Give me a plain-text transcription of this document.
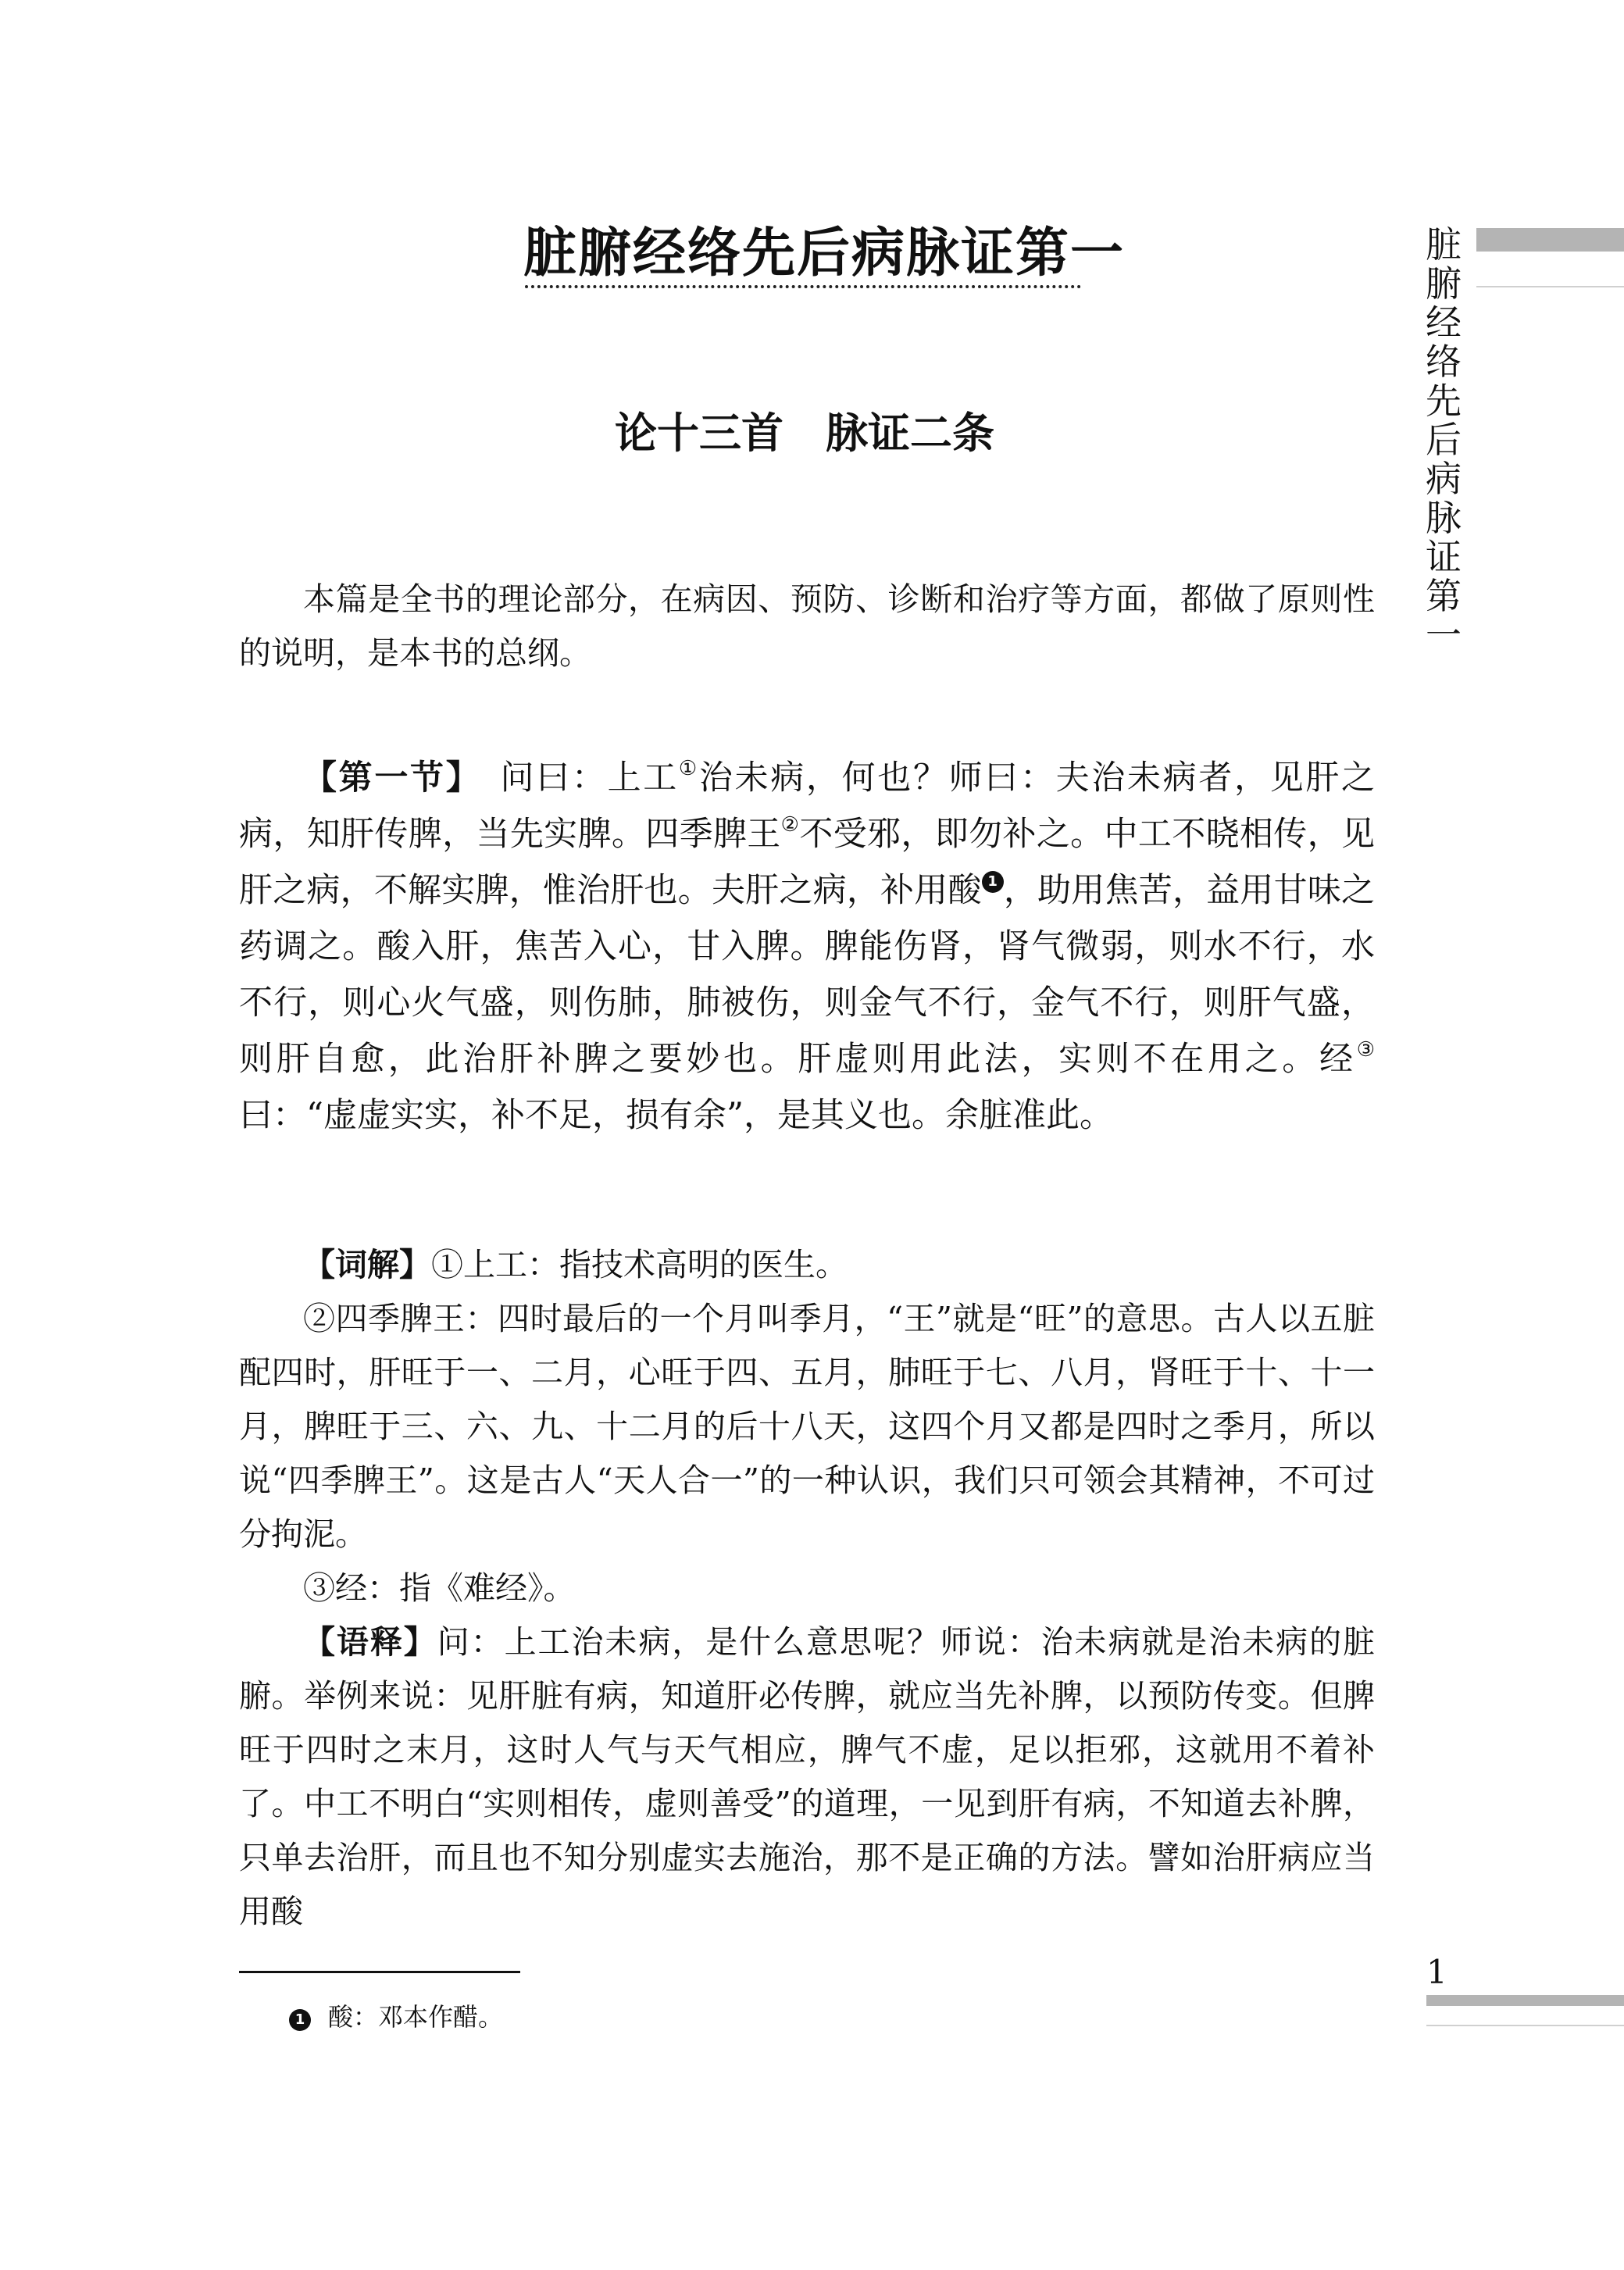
脏腑经络先后病脉证第一
论十三首　脉证二条

本篇是全书的理论部分，在病因、预防、诊断和治疗等方面，都做了原则性的说明，是本书的总纲。

【第一节】　问曰：上工①治未病，何也？师曰：夫治未病者，见肝之病，知肝传脾，当先实脾。四季脾王②不受邪，即勿补之。中工不晓相传，见肝之病，不解实脾，惟治肝也。夫肝之病，补用酸 1 ，助用焦苦，益用甘味之药调之。酸入肝，焦苦入心，甘入脾。脾能伤肾，肾气微弱，则水不行，水不行，则心火气盛，则伤肺，肺被伤，则金气不行，金气不行，则肝气盛，则肝自愈，此治肝补脾之要妙也。肝虚则用此法，实则不在用之。经③曰：“虚虚实实，补不足，损有余”，是其义也。余脏准此。

【词解】①上工：指技术高明的医生。

②四季脾王：四时最后的一个月叫季月，“王”就是“旺”的意思。古人以五脏配四时，肝旺于一、二月，心旺于四、五月，肺旺于七、八月，肾旺于十、十一月，脾旺于三、六、九、十二月的后十八天，这四个月又都是四时之季月，所以说“四季脾王”。这是古人“天人合一”的一种认识，我们只可领会其精神，不可过分拘泥。

③经：指《难经》。

【语释】问：上工治未病，是什么意思呢？师说：治未病就是治未病的脏腑。举例来说：见肝脏有病，知道肝必传脾，就应当先补脾，以预防传变。但脾旺于四时之末月，这时人气与天气相应，脾气不虚，足以拒邪，这就用不着补了。中工不明白“实则相传，虚则善受”的道理，一见到肝有病，不知道去补脾，只单去治肝，而且也不知分别虚实去施治，那不是正确的方法。譬如治肝病应当用酸

1 酸：邓本作醋。
脏腑经络先后病脉证第一
1
